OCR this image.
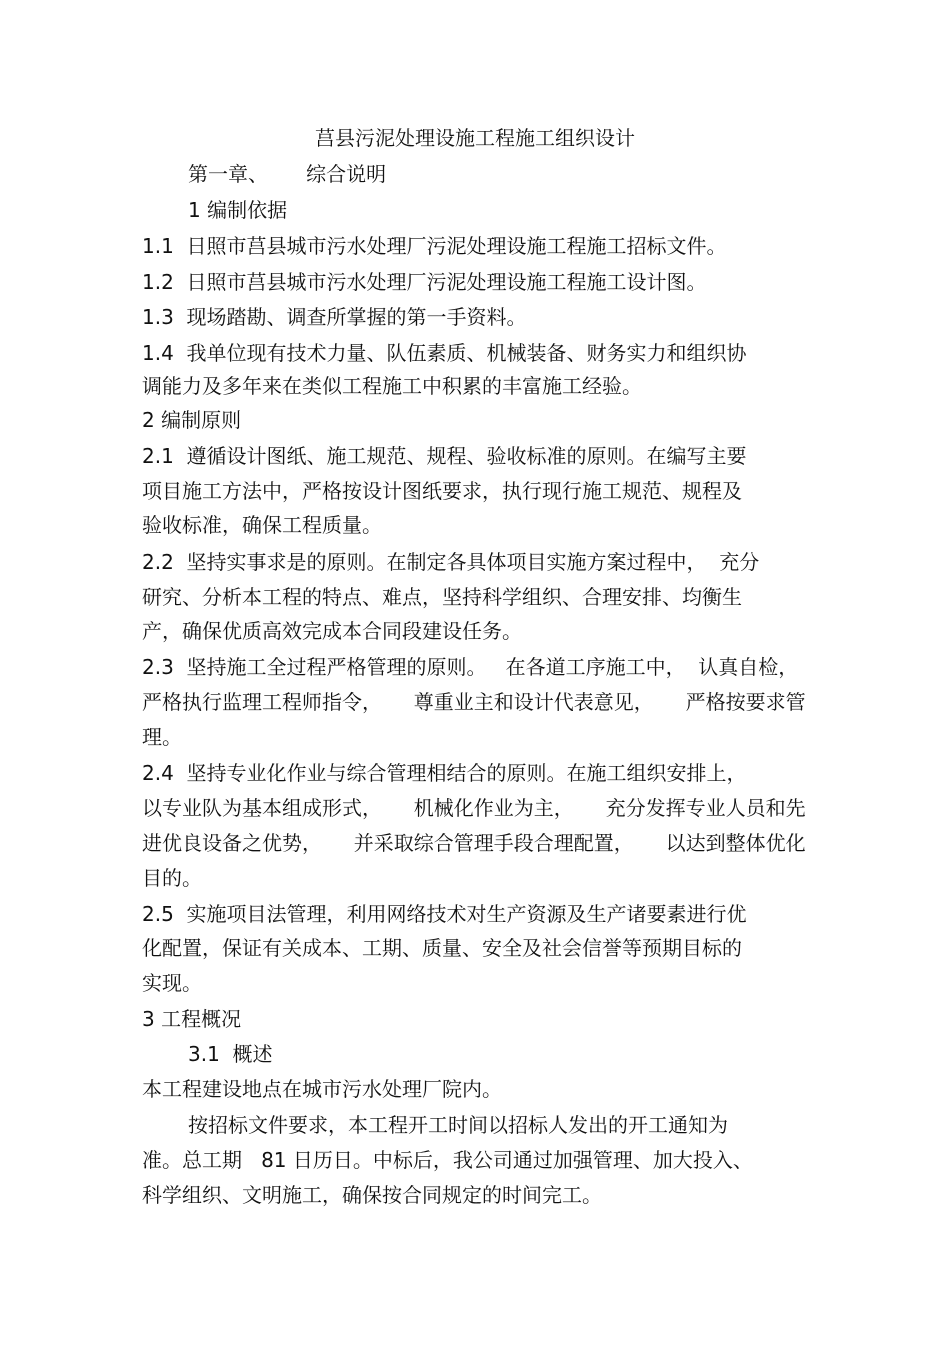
莒县污泥处理设施工程施工组织设计

第一章、      综合说明

1 编制依据

1.1  日照市莒县城市污水处理厂污泥处理设施工程施工招标文件。

1.2  日照市莒县城市污水处理厂污泥处理设施工程施工设计图。

1.3  现场踏勘、调查所掌握的第一手资料。

1.4  我单位现有技术力量、队伍素质、机械装备、财务实力和组织协

调能力及多年来在类似工程施工中积累的丰富施工经验。

2 编制原则

2.1  遵循设计图纸、施工规范、规程、验收标准的原则。在编写主要

项目施工方法中，严格按设计图纸要求，执行现行施工规范、规程及

验收标准，确保工程质量。

2.2  坚持实事求是的原则。在制定各具体项目实施方案过程中，  充分

研究、分析本工程的特点、难点，坚持科学组织、合理安排、均衡生

产，确保优质高效完成本合同段建设任务。

2.3  坚持施工全过程严格管理的原则。   在各道工序施工中，  认真自检，

严格执行监理工程师指令，     尊重业主和设计代表意见，     严格按要求管

理。

2.4  坚持专业化作业与综合管理相结合的原则。在施工组织安排上，

以专业队为基本组成形式，     机械化作业为主，     充分发挥专业人员和先

进优良设备之优势，     并采取综合管理手段合理配置，     以达到整体优化

目的。

2.5  实施项目法管理，利用网络技术对生产资源及生产诸要素进行优

化配置，保证有关成本、工期、质量、安全及社会信誉等预期目标的

实现。

3 工程概况

3.1  概述

本工程建设地点在城市污水处理厂院内。

按招标文件要求，本工程开工时间以招标人发出的开工通知为

准。总工期   81 日历日。中标后，我公司通过加强管理、加大投入、

科学组织、文明施工，确保按合同规定的时间完工。
